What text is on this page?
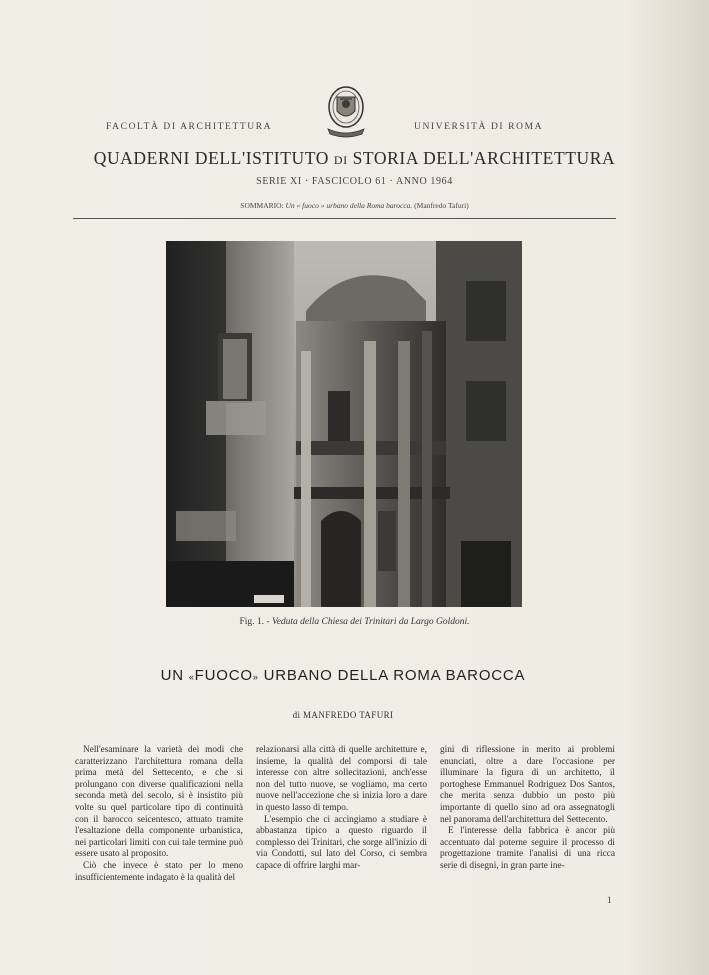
FACOLTÀ DI ARCHITETTURA	UNIVERSITÀ DI ROMA
QUADERNI DELL'ISTITUTO DI STORIA DELL'ARCHITETTURA
SERIE XI · FASCICOLO 61 · ANNO 1964
SOMMARIO: Un « fuoco » urbano della Roma barocca. (Manfredo Tafuri)
Fig. 1. - Veduta della Chiesa dei Trinitari da Largo Goldoni.
UN «FUOCO» URBANO DELLA ROMA BAROCCA
di MANFREDO TAFURI

Nell'esaminare la varietà dei modi che caratterizzano l'architettura romana della prima metà del Settecento, e che si prolungano con diverse qualificazioni nella seconda metà del secolo, si è insistito più volte su quel particolare tipo di continuità con il barocco seicentesco, attuato tramite l'esaltazione della componente urbanistica, nei particolari limiti con cui tale termine può essere usato al proposito.

Ciò che invece è stato per lo meno insufficientemente indagato è la qualità del

relazionarsi alla città di quelle architetture e, insieme, la qualità del comporsi di tale interesse con altre sollecitazioni, anch'esse non del tutto nuove, se vogliamo, ma certo nuove nell'accezione che si inizia loro a dare in questo lasso di tempo.

L'esempio che ci accingiamo a studiare è abbastanza tipico a questo riguardo il complesso dei Trinitari, che sorge all'inizio di via Condotti, sul lato del Corso, ci sembra capace di offrire larghi mar-

gini di riflessione in merito ai problemi enunciati, oltre a dare l'occasione per illuminare la figura di un architetto, il portoghese Emmanuel Rodriguez Dos Santos, che merita senza dubbio un posto più importante di quello sino ad ora assegnatogli nel panorama dell'architettura del Settecento.

E l'interesse della fabbrica è ancor più accentuato dal poterne seguire il processo di progettazione tramite l'analisi di una ricca serie di disegni, in gran parte ine-

1
